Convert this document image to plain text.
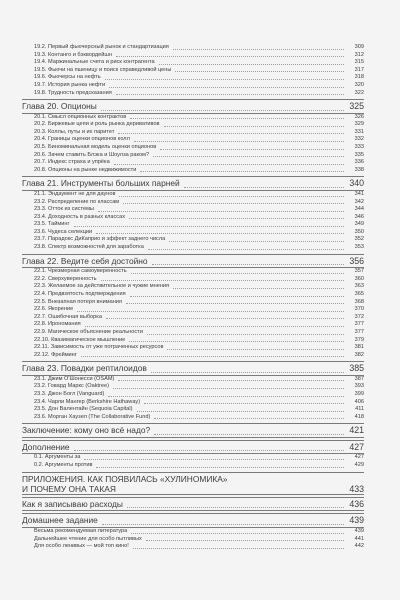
19.2. Первый фьючерсный рынок и стандартизация	309
19.3. Контанго и бэквордейшн	312
19.4. Маржинальные счета и риск контрагента	315
19.5. Фьючи на пшеницу и поиск справедливой цены	317
19.6. Фьючерсы на нефть	318
19.7. История рынка нефти	320
19.8. Трудность предсказания	322
Глава 20. Опционы	325
20.1. Смысл опционных контрактов	326
20.2. Биржевые цепи и роль рынка деривативов	329
20.3. Коллы, путы и их паритет	331
20.4. Границы оценки опционов колл	332
20.5. Биноминальная модель оценки опционов	333
20.6. Зачем ставить Блэка и Шоулза раком?	335
20.7. Индекс страха и упрёка	336
20.8. Опционы на рынке недвижимости	338
Глава 21. Инструменты больших парней	340
21.1. Эндаумент не для даунов	341
23.2. Распределение по классам	342
23.3. Отток из системы	344
23.4. Доходность в разных классах	346
23.5. Тайминг	349
23.6. Чудеса селекции	350
23.7. Парадокс ДиКаприо и эффект заднего числа	352
23.8. Спектр возможностей для заработка	353
Глава 22. Ведите себя достойно	356
22.1. Чрезмерная самоуверенность	357
22.2. Сверхуверенность	360
22.3. Желаемое за действительное и чужие мнения	363
22.4. Предвзятость подтверждения	365
22.5. Внезапная потеря внимания	368
22.6. Якорение	370
22.7. Ошибочная выборка	372
22.8. Ирономания	377
22.9. Магическое объяснение реальности	377
22.10. Квазимагическое мышление	379
22.11. Зависимость от уже потраченных ресурсов	381
22.12. Фрейминг	382
Глава 23. Повадки рептилоидов	385
23.1. Джим О'Шонесси (OSAM)	387
23.2. Говард Маркс (Oaktree)	393
23.3. Джон Богл (Vanguard)	399
23.4. Чарли Мангер (Berkshire Hathaway)	406
23.5. Дон Валентайн (Sequoia Capital)	411
23.6. Морган Хаузел (The Collaborative Fund)	418
Заключение: кому оно всё надо?	421
Дополнение	427
0.1. Аргументы за	427
0.2. Аргументы против	429
ПРИЛОЖЕНИЯ. КАК ПОЯВИЛАСЬ «ХУЛИНОМИКА»
И ПОЧЕМУ ОНА ТАКАЯ	433
Как я записываю расходы	436
Домашнее задание	439
Весьма рекомендуемая литература	439
Дальнейшее чтение для особо пытливых	441
Для особо ленивых — мой топ кино!	442
